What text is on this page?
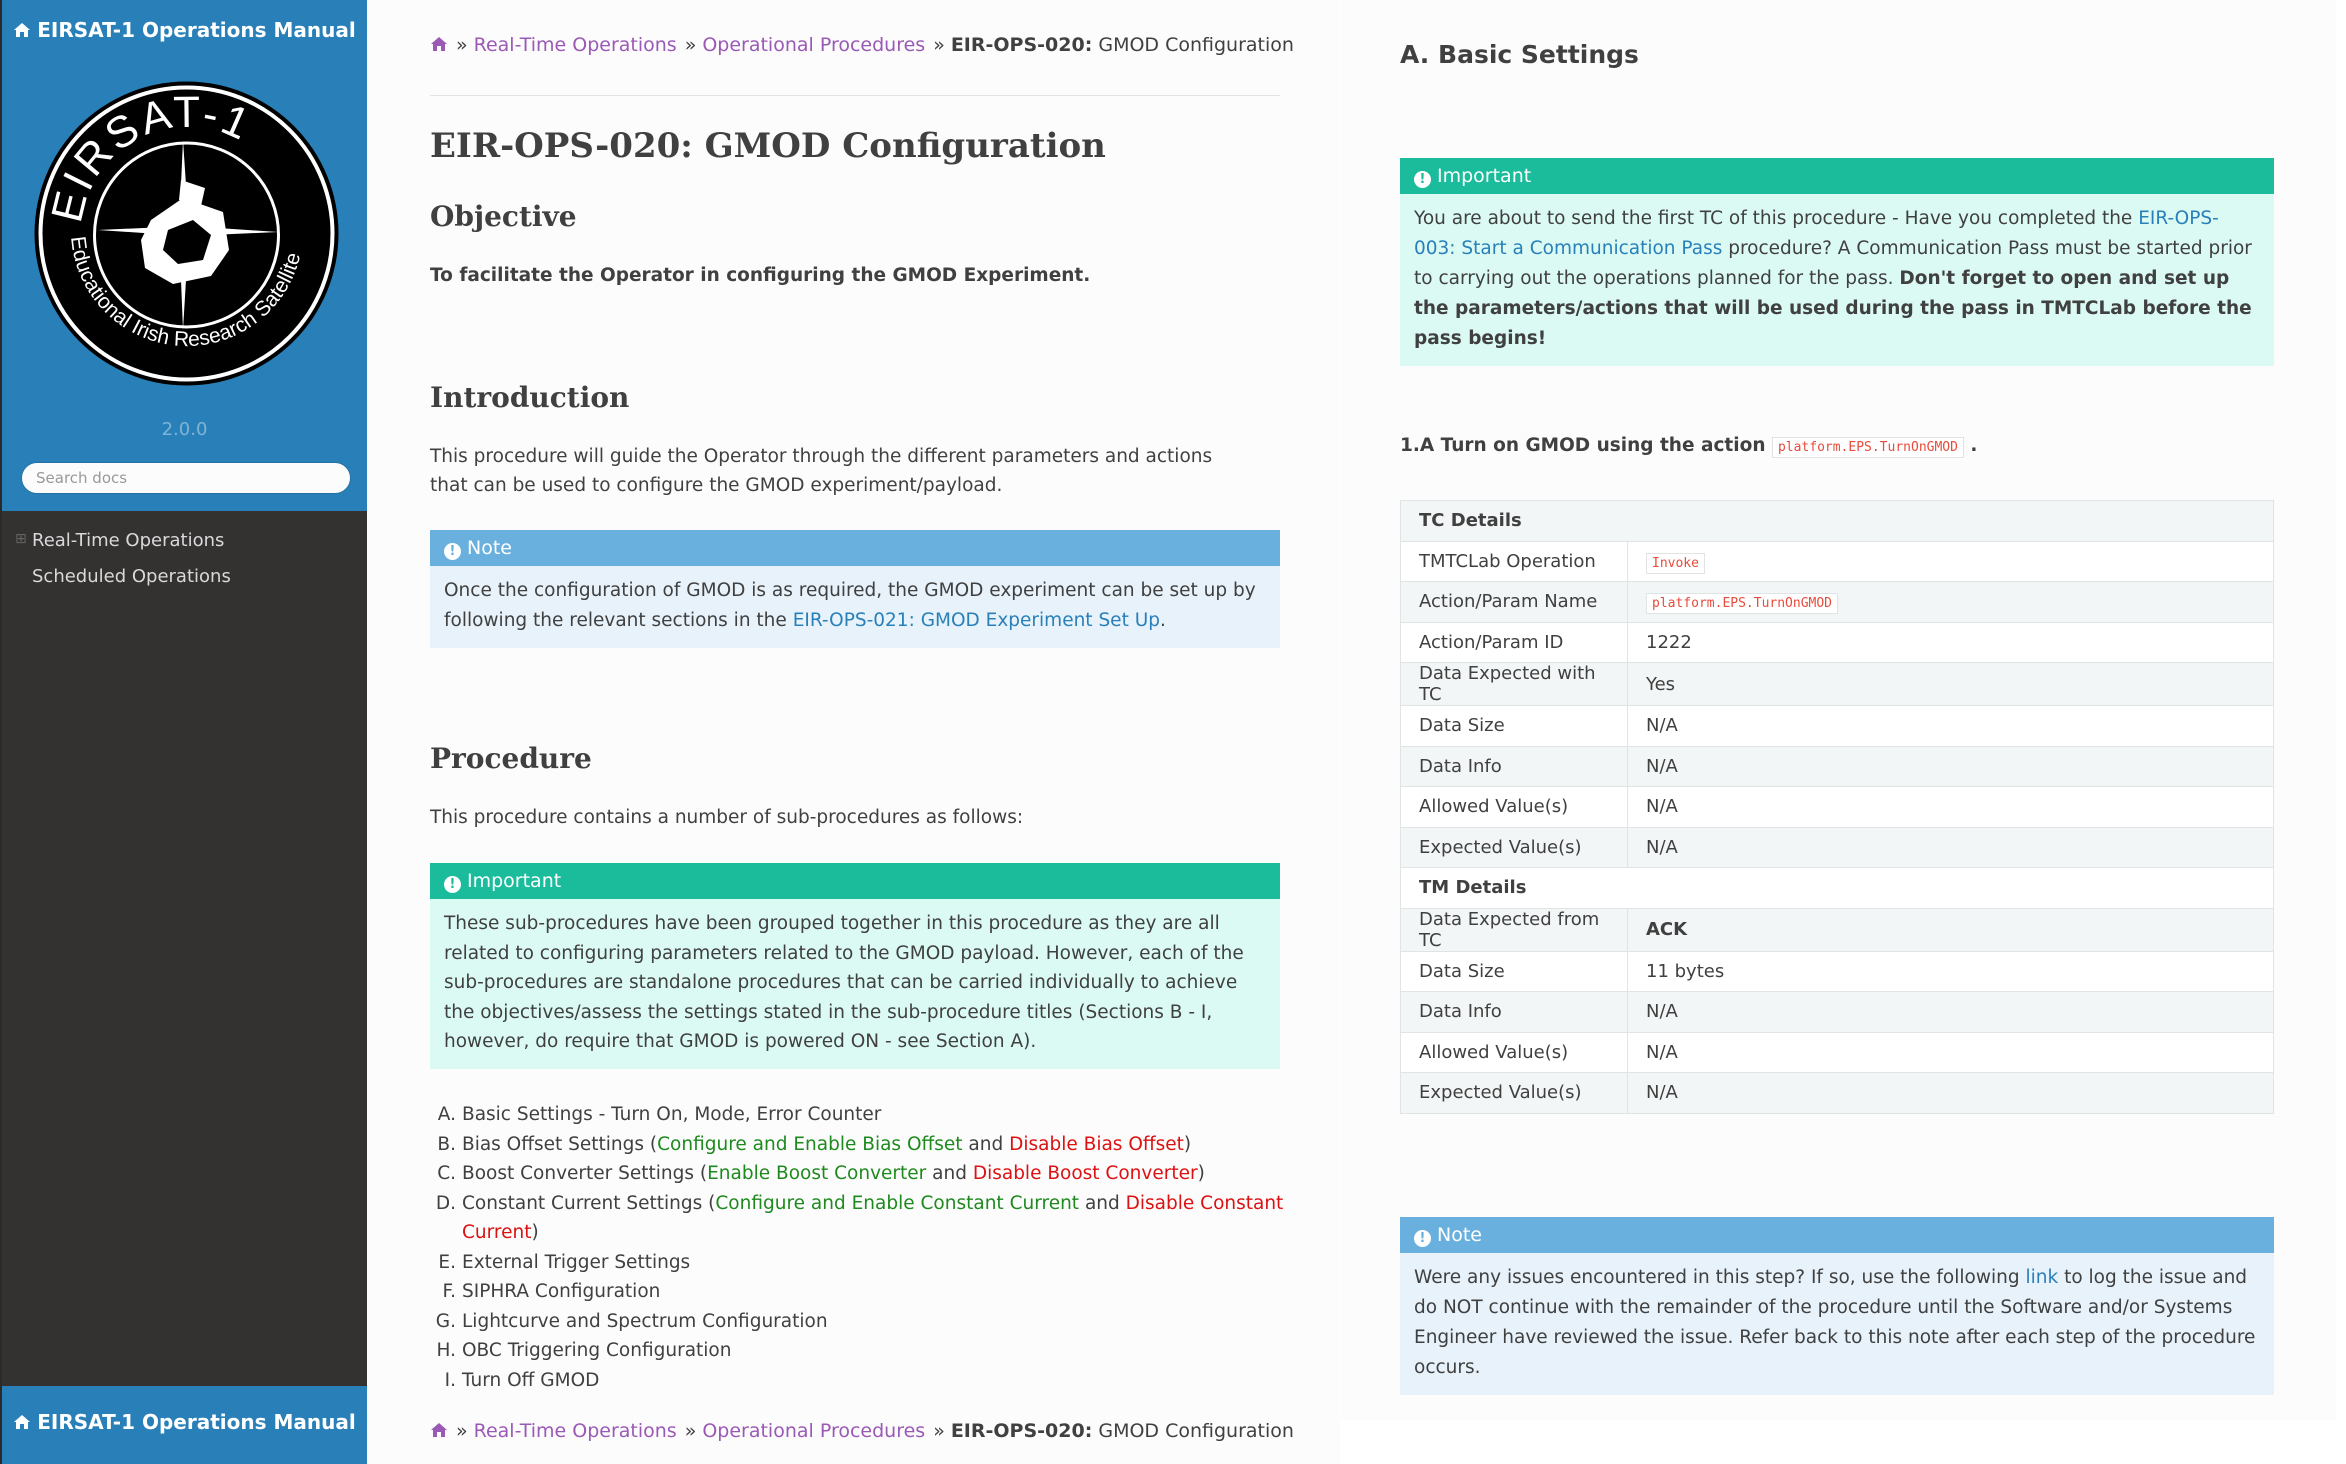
EIRSAT-1 Operations Manual
EIRSAT-1
Educational Irish Research Satellite
2.0.0
Search docs
⊞ Real-Time Operations
Scheduled Operations
EIRSAT-1 Operations Manual
» Real-Time Operations » Operational Procedures » EIR-OPS-020: GMOD Configuration
EIR-OPS-020: GMOD Configuration
Objective
To facilitate the Operator in configuring the GMOD Experiment.
Introduction
This procedure will guide the Operator through the different parameters and actions that can be used to configure the GMOD experiment/payload.
! Note
Once the configuration of GMOD is as required, the GMOD experiment can be set up by following the relevant sections in the EIR-OPS-021: GMOD Experiment Set Up.
Procedure
This procedure contains a number of sub-procedures as follows:
! Important
These sub-procedures have been grouped together in this procedure as they are all related to configuring parameters related to the GMOD payload. However, each of the sub-procedures are standalone procedures that can be carried individually to achieve the objectives/assess the settings stated in the sub-procedure titles (Sections B - I, however, do require that GMOD is powered ON - see Section A).
A. Basic Settings - Turn On, Mode, Error Counter
B. Bias Offset Settings (Configure and Enable Bias Offset and Disable Bias Offset)
C. Boost Converter Settings (Enable Boost Converter and Disable Boost Converter)
D. Constant Current Settings (Configure and Enable Constant Current and Disable Constant Current)
E. External Trigger Settings
F. SIPHRA Configuration
G. Lightcurve and Spectrum Configuration
H. OBC Triggering Configuration
I. Turn Off GMOD
» Real-Time Operations » Operational Procedures » EIR-OPS-020: GMOD Configuration
A. Basic Settings
! Important
You are about to send the first TC of this procedure - Have you completed the EIR-OPS-003: Start a Communication Pass procedure? A Communication Pass must be started prior to carrying out the operations planned for the pass. Don't forget to open and set up the parameters/actions that will be used during the pass in TMTCLab before the pass begins!
1.A Turn on GMOD using the action platform.EPS.TurnOnGMOD .
TC Details	
TMTCLab Operation	Invoke
Action/Param Name	platform.EPS.TurnOnGMOD
Action/Param ID	1222
Data Expected with TC	Yes
Data Size	N/A
Data Info	N/A
Allowed Value(s)	N/A
Expected Value(s)	N/A
TM Details	
Data Expected from TC	ACK
Data Size	11 bytes
Data Info	N/A
Allowed Value(s)	N/A
Expected Value(s)	N/A
! Note
Were any issues encountered in this step? If so, use the following link to log the issue and do NOT continue with the remainder of the procedure until the Software and/or Systems Engineer have reviewed the issue. Refer back to this note after each step of the procedure occurs.
